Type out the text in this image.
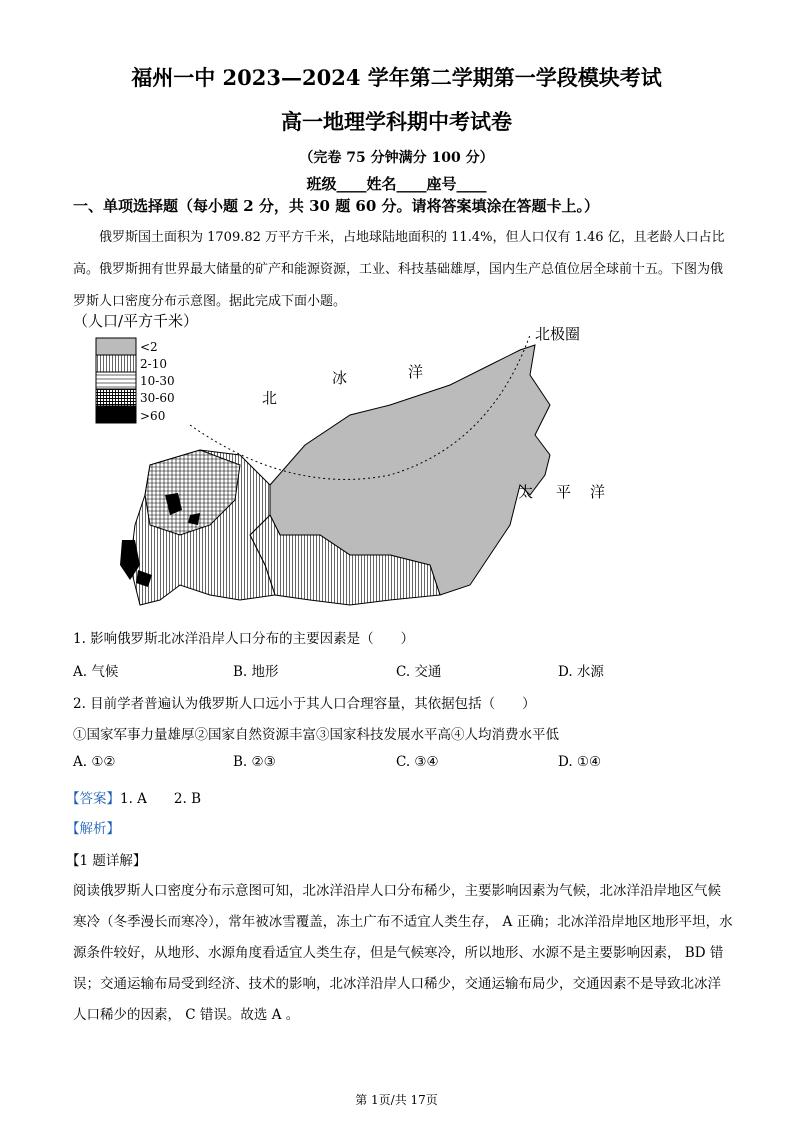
福州一中 2023—2024 学年第二学期第一学段模块考试
高一地理学科期中考试卷
（完卷 75 分钟满分 100 分）
班级____姓名____座号____
一、单项选择题（每小题 2 分，共 30 题 60 分。请将答案填涂在答题卡上。）
俄罗斯国土面积为 1709.82 万平方千米，占地球陆地面积的 11.4%，但人口仅有 1.46 亿，且老龄人口占比高。俄罗斯拥有世界最大储量的矿产和能源资源，工业、科技基础雄厚，国内生产总值位居全球前十五。下图为俄罗斯人口密度分布示意图。据此完成下面小题。
（人口/平方千米）
<2
2-10
10-30
30-60
>60
北极圈
北
冰	洋
太 平 洋
1. 影响俄罗斯北冰洋沿岸人口分布的主要因素是（　　）
A. 气候	B. 地形	C. 交通	D. 水源
2. 目前学者普遍认为俄罗斯人口远小于其人口合理容量，其依据包括（　　）
①国家军事力量雄厚②国家自然资源丰富③国家科技发展水平高④人均消费水平低
A. ①②	B. ②③	C. ③④	D. ①④
【答案】1. A　　2. B
【解析】
【1 题详解】
阅读俄罗斯人口密度分布示意图可知，北冰洋沿岸人口分布稀少，主要影响因素为气候，北冰洋沿岸地区气候寒冷（冬季漫长而寒冷），常年被冰雪覆盖，冻土广布不适宜人类生存， A 正确；北冰洋沿岸地区地形平坦，水源条件较好，从地形、水源角度看适宜人类生存，但是气候寒冷，所以地形、水源不是主要影响因素， BD 错误；交通运输布局受到经济、技术的影响，北冰洋沿岸人口稀少，交通运输布局少，交通因素不是导致北冰洋人口稀少的因素， C 错误。故选 A 。
第 1页/共 17页
